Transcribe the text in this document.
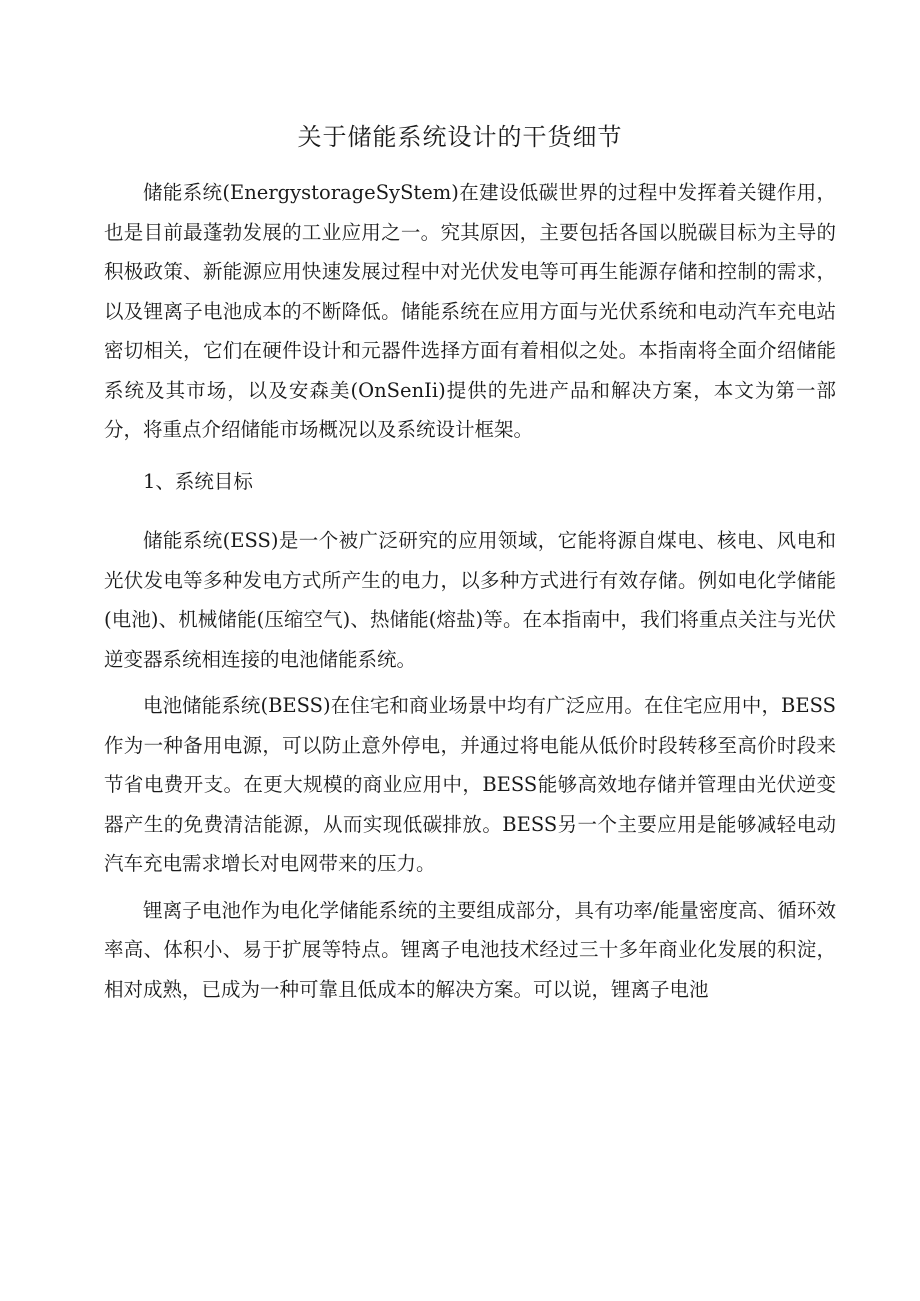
关于储能系统设计的干货细节

储能系统(EnergystorageSyStem)在建设低碳世界的过程中发挥着关键作用，也是目前最蓬勃发展的工业应用之一。究其原因，主要包括各国以脱碳目标为主导的积极政策、新能源应用快速发展过程中对光伏发电等可再生能源存储和控制的需求，以及锂离子电池成本的不断降低。储能系统在应用方面与光伏系统和电动汽车充电站密切相关，它们在硬件设计和元器件选择方面有着相似之处。本指南将全面介绍储能系统及其市场，以及安森美(OnSenIi)提供的先进产品和解决方案，本文为第一部分，将重点介绍储能市场概况以及系统设计框架。

1、系统目标

储能系统(ESS)是一个被广泛研究的应用领域，它能将源自煤电、核电、风电和光伏发电等多种发电方式所产生的电力，以多种方式进行有效存储。例如电化学储能(电池)、机械储能(压缩空气)、热储能(熔盐)等。在本指南中，我们将重点关注与光伏逆变器系统相连接的电池储能系统。

电池储能系统(BESS)在住宅和商业场景中均有广泛应用。在住宅应用中，BESS作为一种备用电源，可以防止意外停电，并通过将电能从低价时段转移至高价时段来节省电费开支。在更大规模的商业应用中，BESS能够高效地存储并管理由光伏逆变器产生的免费清洁能源，从而实现低碳排放。BESS另一个主要应用是能够减轻电动汽车充电需求增长对电网带来的压力。

锂离子电池作为电化学储能系统的主要组成部分，具有功率/能量密度高、循环效率高、体积小、易于扩展等特点。锂离子电池技术经过三十多年商业化发展的积淀，相对成熟，已成为一种可靠且低成本的解决方案。可以说，锂离子电池
